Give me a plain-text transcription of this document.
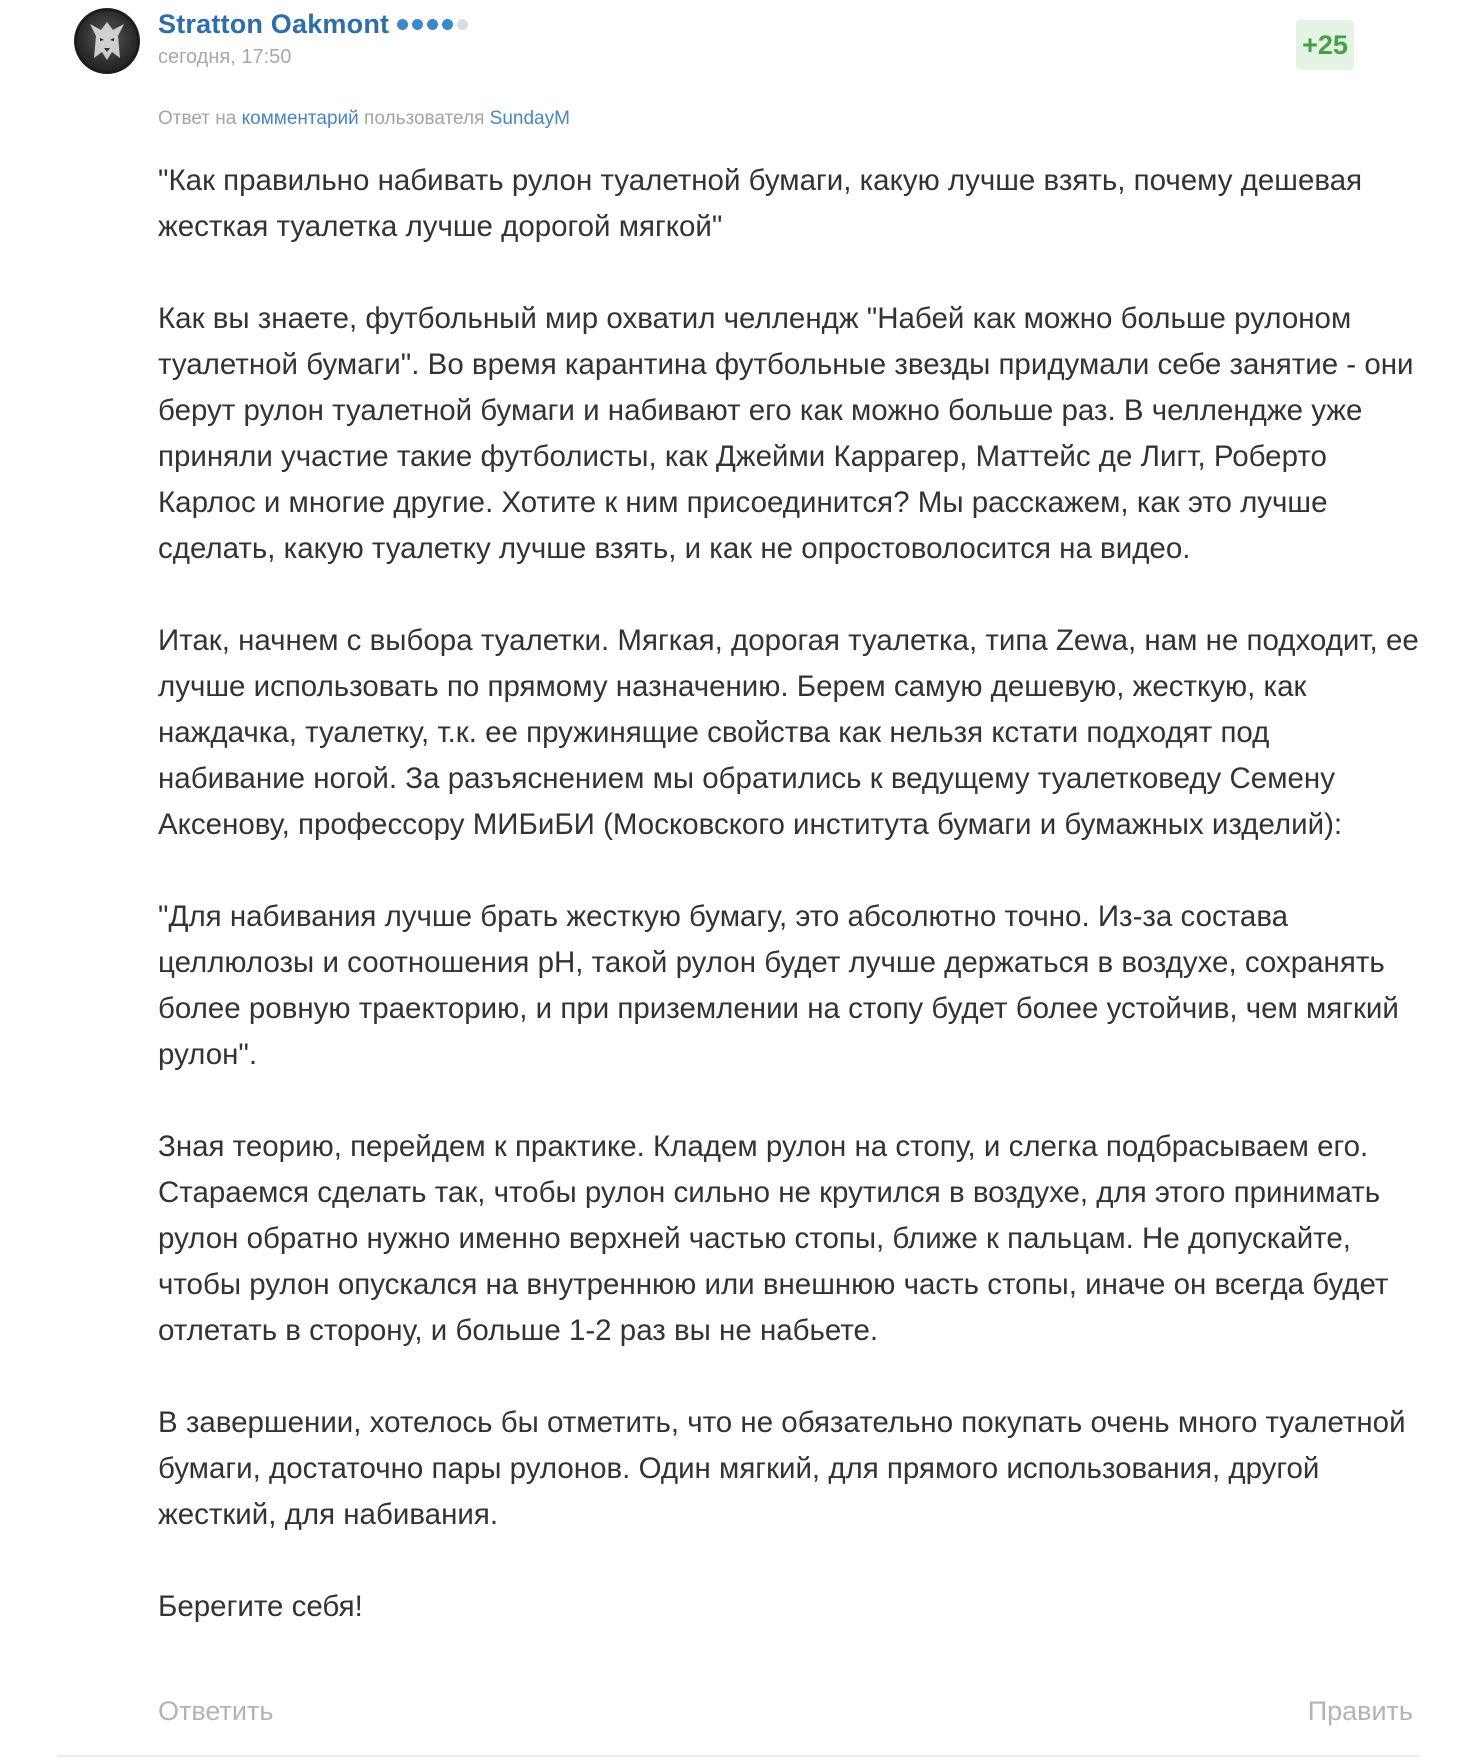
Stratton Oakmont
сегодня, 17:50	+25
Ответ на комментарий пользователя SundayM

"Как правильно набивать рулон туалетной бумаги, какую лучше взять, почему дешевая жесткая туалетка лучше дорогой мягкой"

Как вы знаете, футбольный мир охватил челлендж "Набей как можно больше рулоном туалетной бумаги". Во время карантина футбольные звезды придумали себе занятие - они берут рулон туалетной бумаги и набивают его как можно больше раз. В челлендже уже приняли участие такие футболисты, как Джейми Каррагер, Маттейс де Лигт, Роберто Карлос и многие другие. Хотите к ним присоединится? Мы расскажем, как это лучше сделать, какую туалетку лучше взять, и как не опростоволосится на видео.

Итак, начнем с выбора туалетки. Мягкая, дорогая туалетка, типа Zewa, нам не подходит, ее лучше использовать по прямому назначению. Берем самую дешевую, жесткую, как наждачка, туалетку, т.к. ее пружинящие свойства как нельзя кстати подходят под набивание ногой. За разъяснением мы обратились к ведущему туалетковеду Семену Аксенову, профессору МИБиБИ (Московского института бумаги и бумажных изделий):

"Для набивания лучше брать жесткую бумагу, это абсолютно точно. Из-за состава целлюлозы и соотношения pH, такой рулон будет лучше держаться в воздухе, сохранять более ровную траекторию, и при приземлении на стопу будет более устойчив, чем мягкий рулон".

Зная теорию, перейдем к практике. Кладем рулон на стопу, и слегка подбрасываем его. Стараемся сделать так, чтобы рулон сильно не крутился в воздухе, для этого принимать рулон обратно нужно именно верхней частью стопы, ближе к пальцам. Не допускайте, чтобы рулон опускался на внутреннюю или внешнюю часть стопы, иначе он всегда будет отлетать в сторону, и больше 1-2 раз вы не набьете.

В завершении, хотелось бы отметить, что не обязательно покупать очень много туалетной бумаги, достаточно пары рулонов. Один мягкий, для прямого использования, другой жесткий, для набивания.

Берегите себя!

Ответить	Править
